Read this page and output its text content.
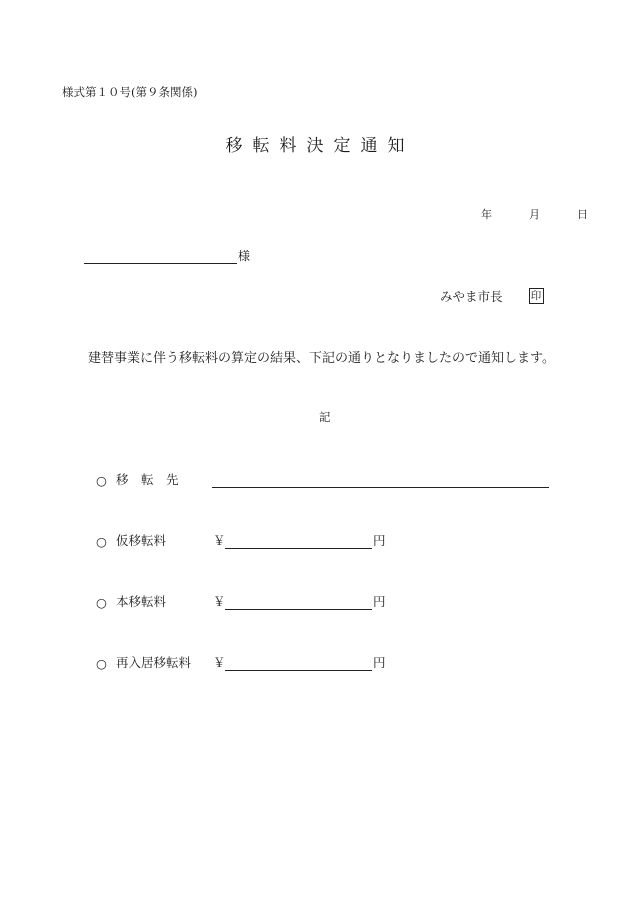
様式第１０号(第９条関係)
移転料決定通知
年	月	日
様
みやま市長	印
建替事業に伴う移転料の算定の結果、下記の通りとなりましたので通知します。
記
○ 移　転　先
○ 仮移転料	￥	円
○ 本移転料	￥	円
○ 再入居移転料	￥	円
